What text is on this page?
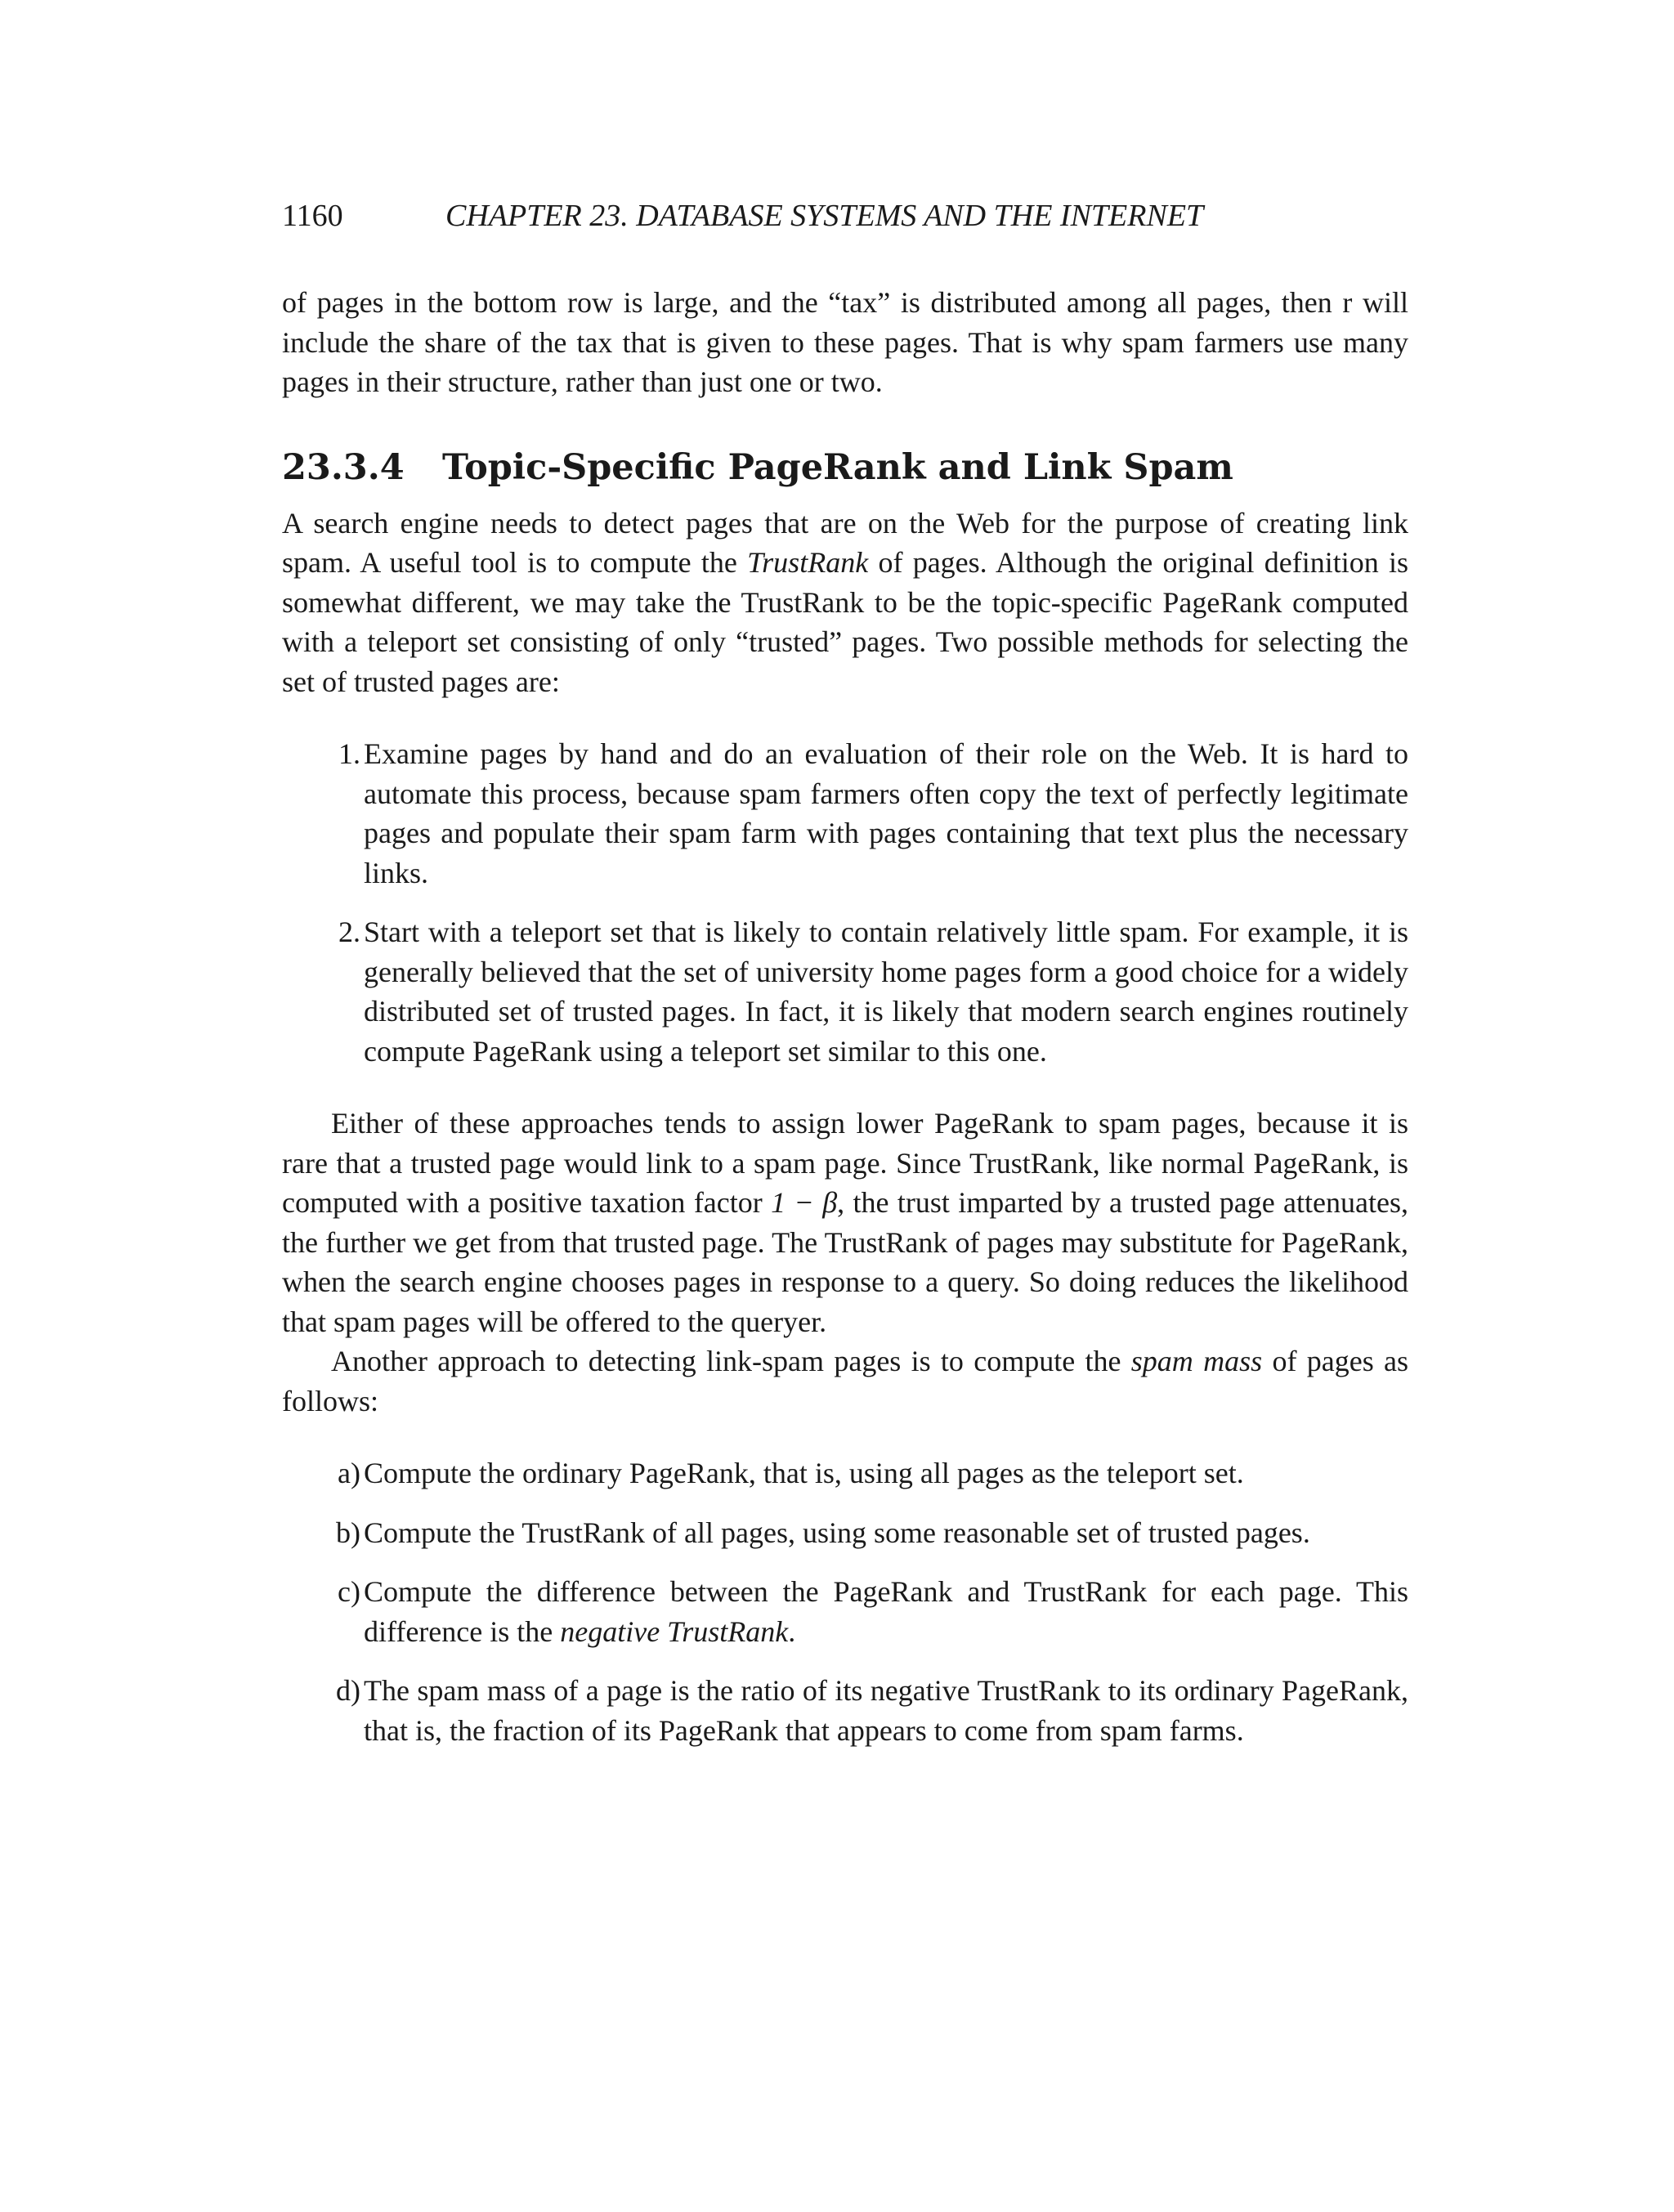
1160	CHAPTER 23. DATABASE SYSTEMS AND THE INTERNET

of pages in the bottom row is large, and the “tax” is distributed among all pages, then r will include the share of the tax that is given to these pages. That is why spam farmers use many pages in their structure, rather than just one or two.

23.3.4	Topic-Specific PageRank and Link Spam

A search engine needs to detect pages that are on the Web for the purpose of creating link spam. A useful tool is to compute the TrustRank of pages. Although the original definition is somewhat different, we may take the TrustRank to be the topic-specific PageRank computed with a teleport set consisting of only “trusted” pages. Two possible methods for selecting the set of trusted pages are:

1. Examine pages by hand and do an evaluation of their role on the Web. It is hard to automate this process, because spam farmers often copy the text of perfectly legitimate pages and populate their spam farm with pages containing that text plus the necessary links.

2. Start with a teleport set that is likely to contain relatively little spam. For example, it is generally believed that the set of university home pages form a good choice for a widely distributed set of trusted pages. In fact, it is likely that modern search engines routinely compute PageRank using a teleport set similar to this one.

Either of these approaches tends to assign lower PageRank to spam pages, because it is rare that a trusted page would link to a spam page. Since TrustRank, like normal PageRank, is computed with a positive taxation factor 1 − β, the trust imparted by a trusted page attenuates, the further we get from that trusted page. The TrustRank of pages may substitute for PageRank, when the search engine chooses pages in response to a query. So doing reduces the likelihood that spam pages will be offered to the queryer.

Another approach to detecting link-spam pages is to compute the spam mass of pages as follows:

a) Compute the ordinary PageRank, that is, using all pages as the teleport set.

b) Compute the TrustRank of all pages, using some reasonable set of trusted pages.

c) Compute the difference between the PageRank and TrustRank for each page. This difference is the negative TrustRank.

d) The spam mass of a page is the ratio of its negative TrustRank to its ordinary PageRank, that is, the fraction of its PageRank that appears to come from spam farms.
